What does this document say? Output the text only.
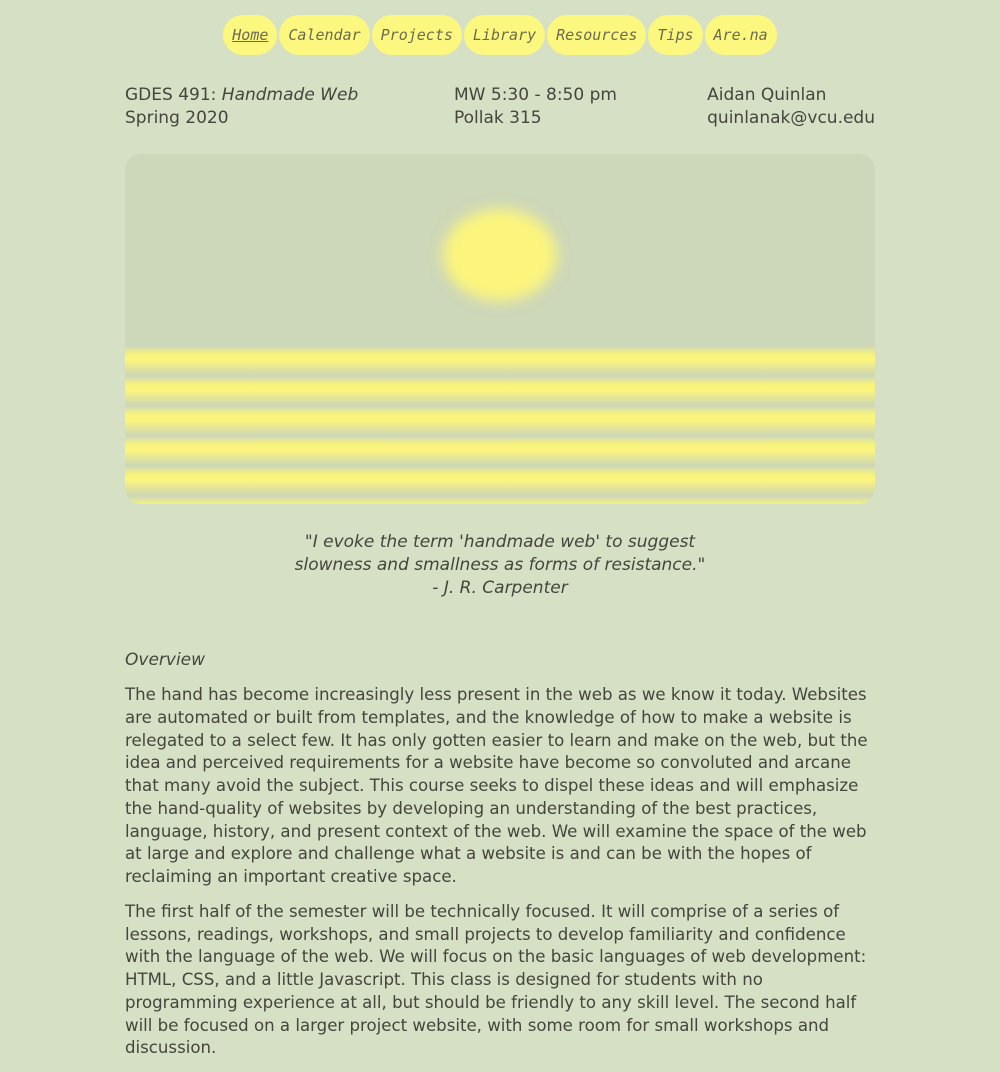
Home	Calendar	Projects	Library	Resources	Tips	Are.na
GDES 491: Handmade Web
Spring 2020
MW 5:30 - 8:50 pm
Pollak 315
Aidan Quinlan
quinlanak@vcu.edu

"I evoke the term 'handmade web' to suggest

slowness and smallness as forms of resistance."

- J. R. Carpenter

Overview

The hand has become increasingly less present in the web as we know it today. Websites are automated or built from templates, and the knowledge of how to make a website is relegated to a select few. It has only gotten easier to learn and make on the web, but the idea and perceived requirements for a website have become so convoluted and arcane that many avoid the subject. This course seeks to dispel these ideas and will emphasize the hand-quality of websites by developing an understanding of the best practices, language, history, and present context of the web. We will examine the space of the web at large and explore and challenge what a website is and can be with the hopes of reclaiming an important creative space.

The first half of the semester will be technically focused. It will comprise of a series of lessons, readings, workshops, and small projects to develop familiarity and confidence with the language of the web. We will focus on the basic languages of web development: HTML, CSS, and a little Javascript. This class is designed for students with no programming experience at all, but should be friendly to any skill level. The second half will be focused on a larger project website, with some room for small workshops and discussion.
